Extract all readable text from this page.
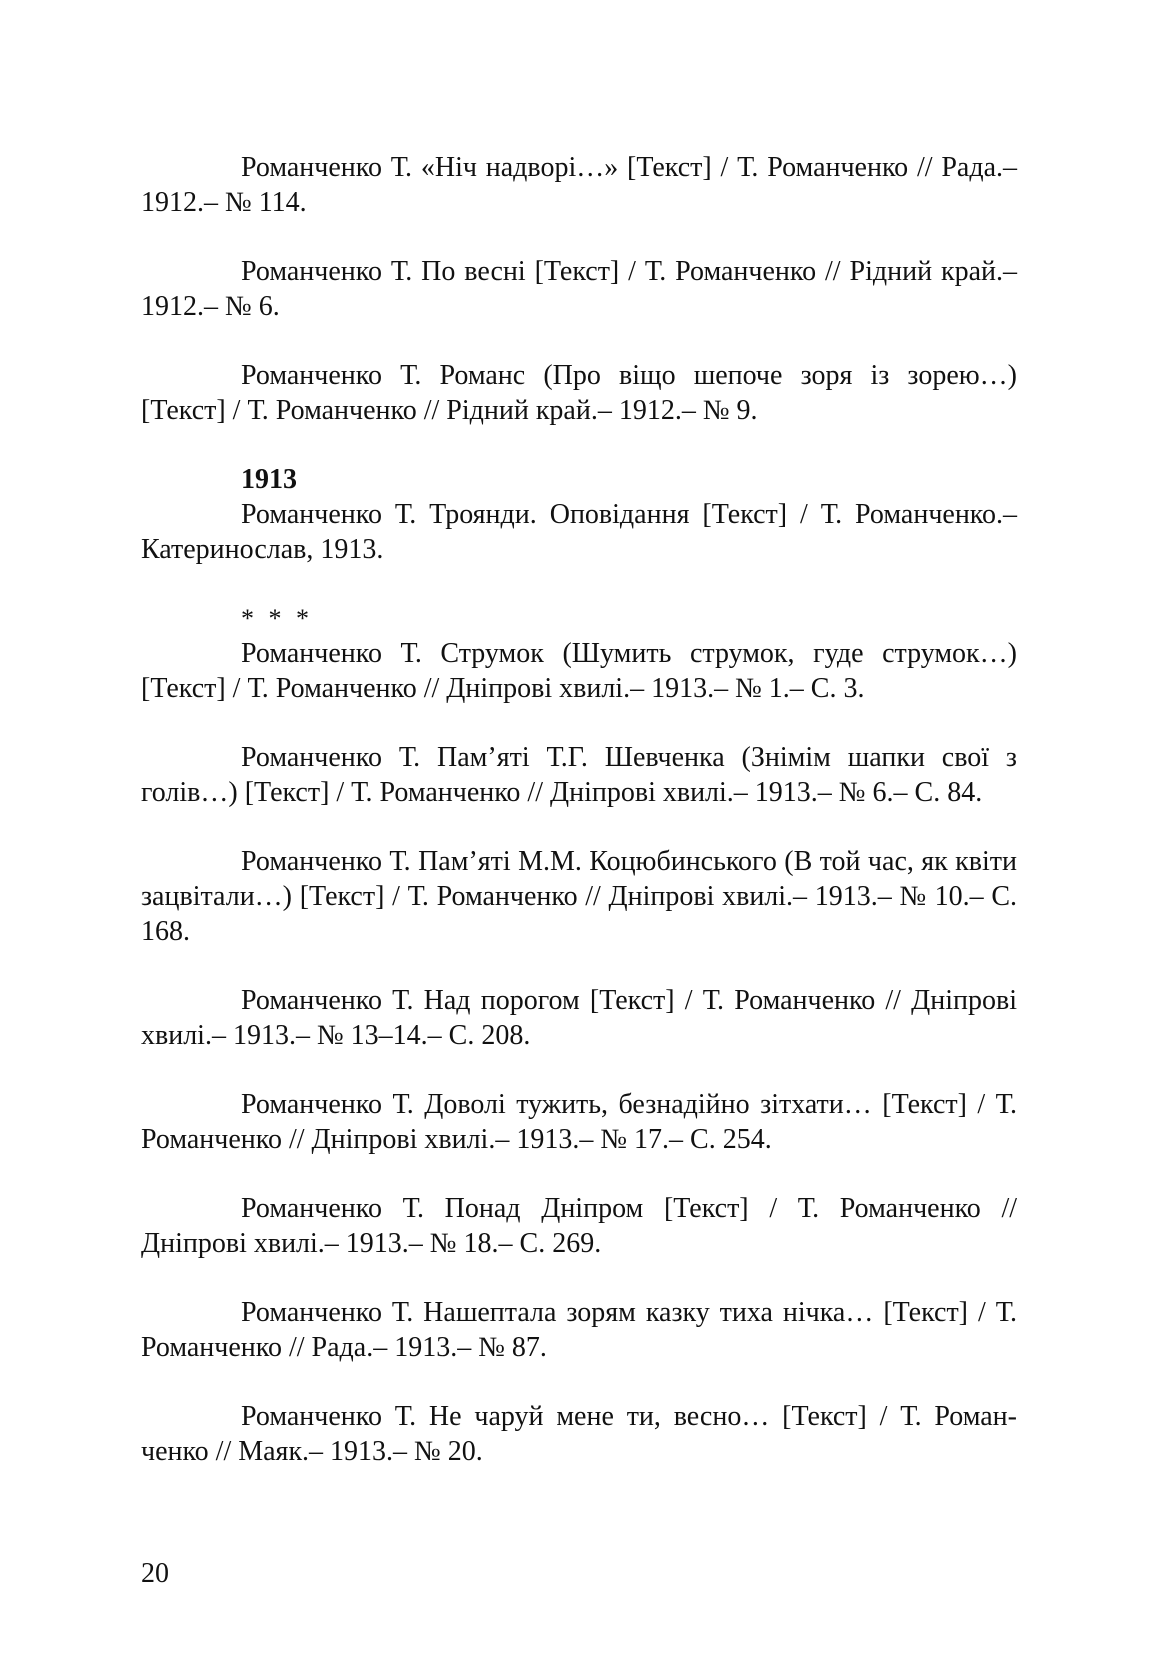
Романченко Т. «Ніч надворі…» [Текст] / Т. Романченко // Рада.– 1912.– № 114.

Романченко Т. По весні [Текст] / Т. Романченко // Рідний край.– 1912.– № 6.

Романченко Т. Романс (Про віщо шепоче зоря із зорею…) [Текст] / Т. Романченко // Рідний край.– 1912.– № 9.

1913

Романченко Т. Троянди. Оповідання [Текст] / Т. Романченко.– Катеринослав, 1913.

* * *

Романченко Т. Струмок (Шумить струмок, гуде струмок…) [Текст] / Т. Романченко // Дніпрові хвилі.– 1913.– № 1.– С. 3.

Романченко Т. Пам’яті Т.Г. Шевченка (Знімім шапки свої з голів…) [Текст] / Т. Романченко // Дніпрові хвилі.– 1913.– № 6.– С. 84.

Романченко Т. Пам’яті М.М. Коцюбинського (В той час, як квіти зацвітали…) [Текст] / Т. Романченко // Дніпрові хвилі.– 1913.– № 10.– С. 168.

Романченко Т. Над порогом [Текст] / Т. Романченко // Дніпрові хвилі.– 1913.– № 13–14.– С. 208.

Романченко Т. Доволі тужить, безнадійно зітхати… [Текст] / Т. Романченко // Дніпрові хвилі.– 1913.– № 17.– С. 254.

Романченко Т. Понад Дніпром [Текст] / Т. Романченко // Дніпрові хвилі.– 1913.– № 18.– С. 269.

Романченко Т. Нашептала зорям казку тиха нічка… [Текст] / Т. Романченко // Рада.– 1913.– № 87.

Романченко Т. Не чаруй мене ти, весно… [Текст] / Т. Романченко // Маяк.– 1913.– № 20.

20
